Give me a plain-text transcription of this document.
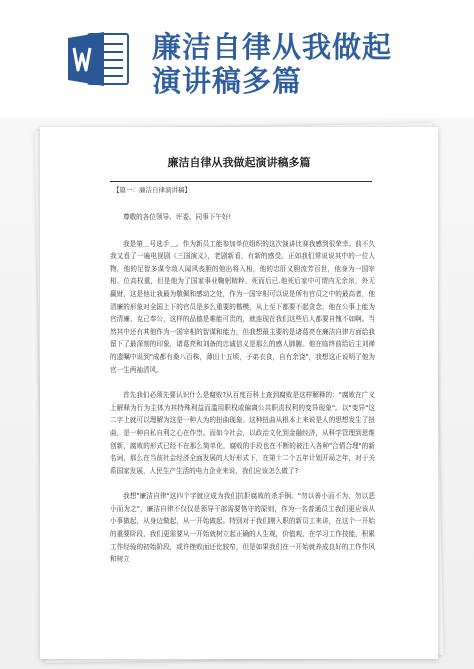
廉洁自律从我做起
演讲稿多篇
廉洁自律从我做起演讲稿多篇
【篇一：廉洁自律演讲稿】

尊敬的各位领导、评委、同事下午好!

我是第＿号选手＿。作为新员工能参加单位组织的这次演讲比赛我感到很荣幸。前不久我又看了一遍电视剧《三国演义》，老剧新看，有新的感受。正如我们常说说其中的一位人物，他的足智多谋令敌人闻风丧胆的他出将入相，他的忠肝义胆流芳百世，他身为一国宰相、位高权重，但是他为了国家事业鞠躬精粹，死而后已.他死后家中可谓内无余帛，外无赢财，这是他让我最为敬佩和感动之处，作为一国宰相可以说是所有官员之中的最高者，他清廉的形象对全国上下的官员是多么重要的楷模，从上至下都要不起贪念，他在公事上能为官清廉、克己奉公，这样的品德是难能可贵的，就连现在我们这些后人都要自愧不如啊。当然其中还有其他作为一国宰相的智谋和能力，但我想最主要的是诸葛亮在廉洁自律方面给我留下了最深刻的印象，诸葛亮和刘备的忠诚信义是那么的感人肺腑。他在临终前给后主刘禅的遗嘱中说到"成都有桑八百株，薄田十五顷，子弟衣食，自有余饶"，我想这正说明了他为官一生两袖清风。

首先我们必须先要认识什么是腐败?从百度百科上查到腐败是这样解释的："腐败在广义上解释为行为主体为其特殊利益而滥用职权或偏离公共职责权利的变异现象"。以"变异"这二字上就可以理解为这是一种人为的扭曲现象。这种扭曲从根本上来说是人的思想发生了扭曲，是一种自私自利之心在作祟。而如今社会，以政治文化到金融经济，从科学管理到思维创新，腐败的形式已经不在那么简单化，腐败的手段也在不断的被注入各种"合情合理"的新名词，那么在当前社会经济全面发展的大好形式下，在第十二个五年计划开局之年，对于关系国家发展，人民生产生活的电力企业来说，我们应该怎么做了?

我想"廉洁自律"这四个字就应成为我们抗拒腐败的杀手锏。"勿以善小而不为，勿以恶小而为之"，廉洁自律不仅仅是领导干部需要恪守的原则，作为一名普通员工我们更应该从小事做起，从身边做起，从一开始做起。特别对于我们刚入职的新员工来讲，在这个一开始的重要阶段，我们更需要从一开始就树立起正确的人生观，价值观，在学习工作技能，积累工作经验的初始阶段，或许挫败面还比较窄，但是如果我们在一开始就养成良好的工作作风和树立
